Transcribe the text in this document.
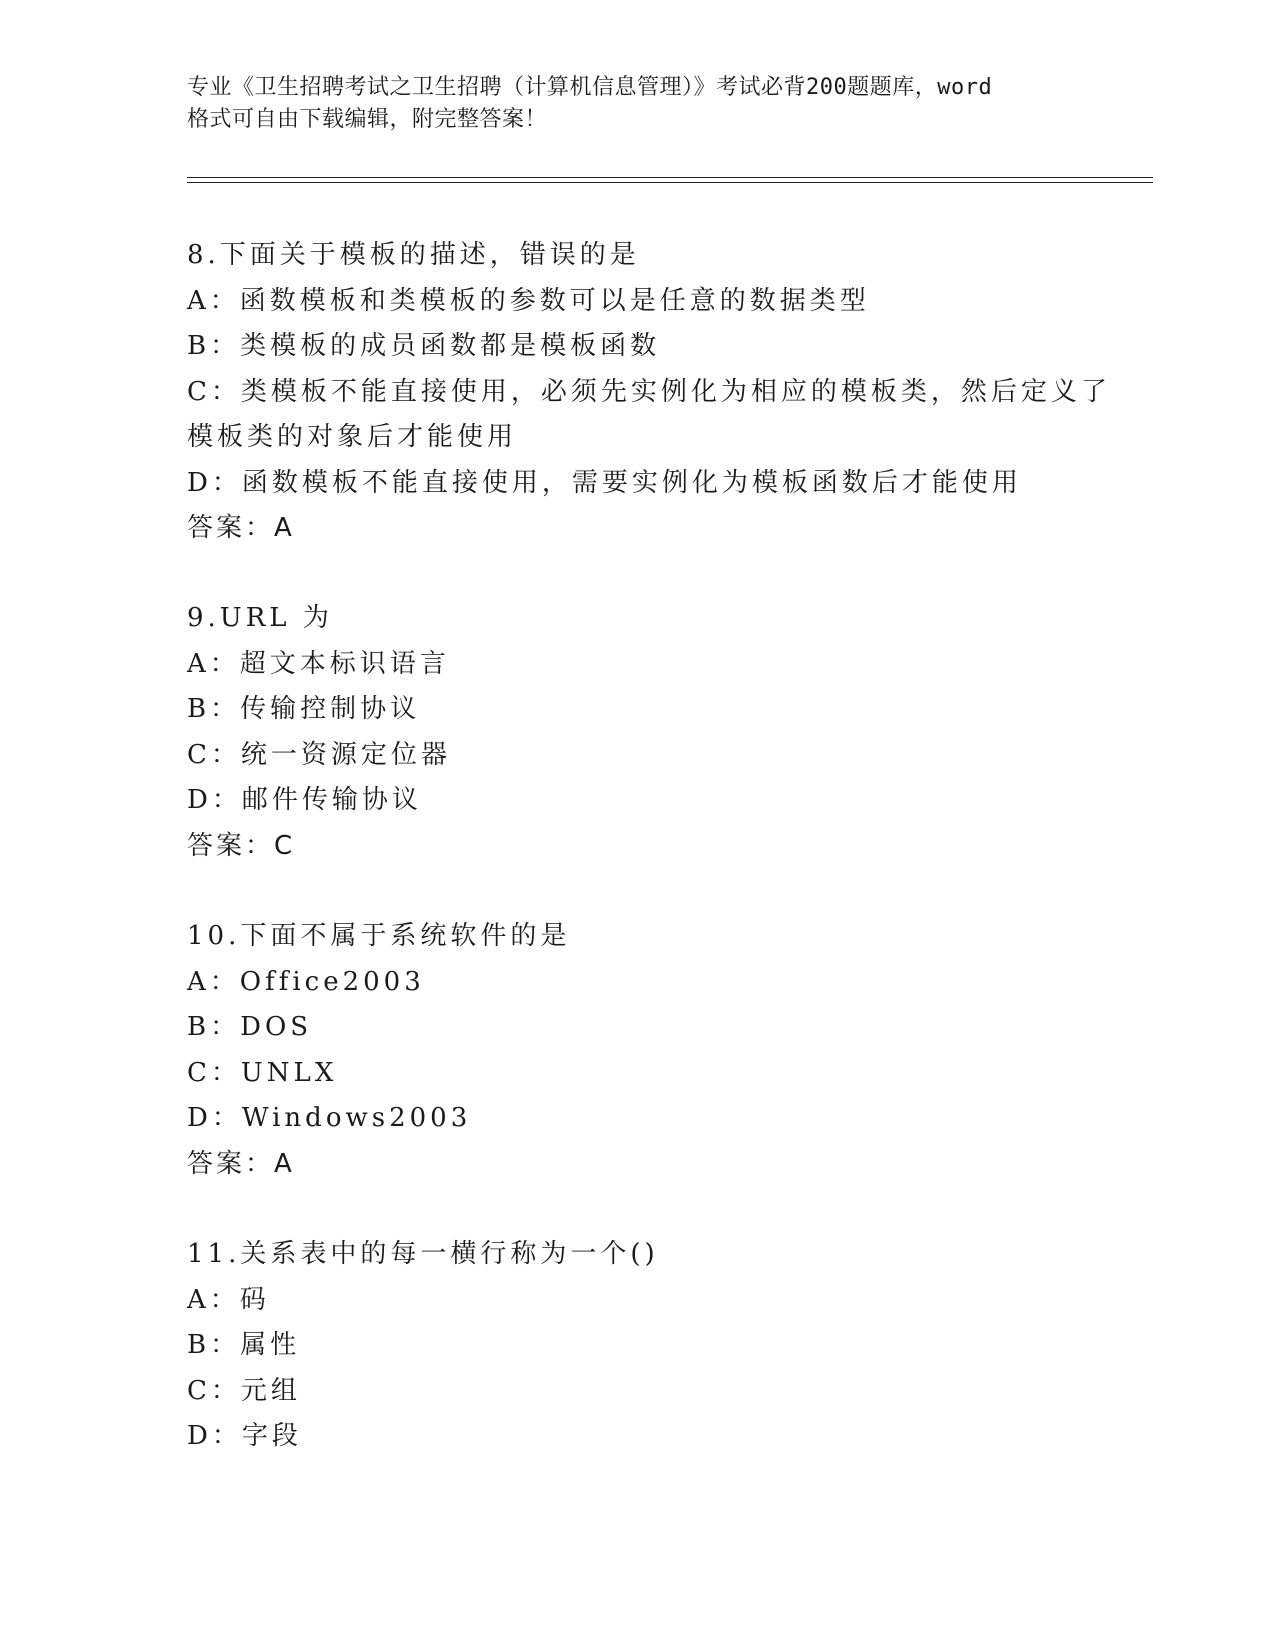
专业《卫生招聘考试之卫生招聘（计算机信息管理）》考试必背200题题库，word
格式可自由下载编辑，附完整答案！
8.下面关于模板的描述，错误的是
A：函数模板和类模板的参数可以是任意的数据类型
B：类模板的成员函数都是模板函数
C：类模板不能直接使用，必须先实例化为相应的模板类，然后定义了
模板类的对象后才能使用
D：函数模板不能直接使用，需要实例化为模板函数后才能使用
答案：A
9.URL 为
A：超文本标识语言
B：传输控制协议
C：统一资源定位器
D：邮件传输协议
答案：C
10.下面不属于系统软件的是
A：Office2003
B：DOS
C：UNLX
D：Windows2003
答案：A
11.关系表中的每一横行称为一个()
A：码
B：属性
C：元组
D：字段
